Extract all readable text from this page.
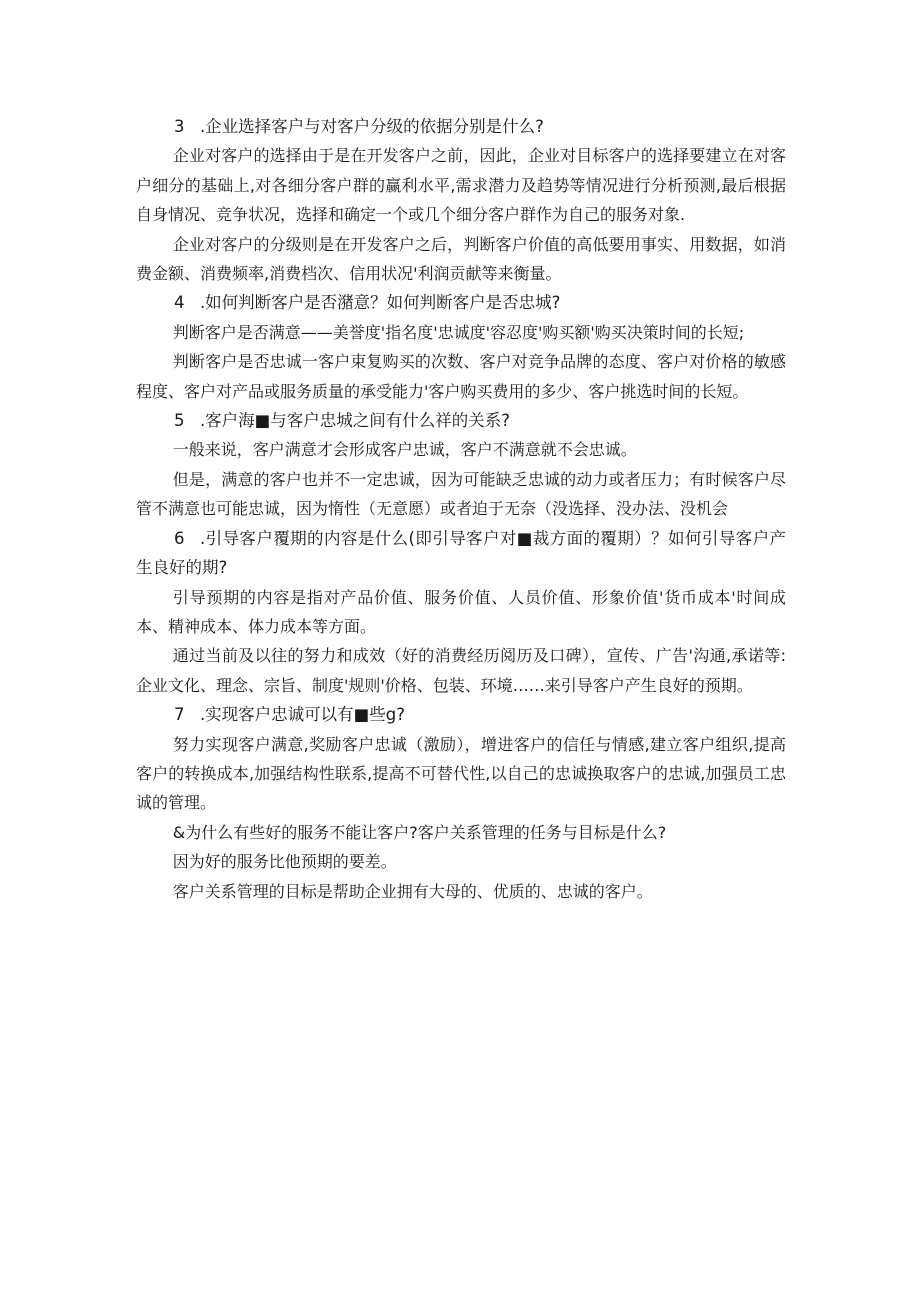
3 .企业选择客户与对客户分级的依据分别是什么?

企业对客户的选择由于是在开发客户之前，因此，企业对目标客户的选择要建立在对客户细分的基础上,对各细分客户群的赢利水平,需求潜力及趋势等情况进行分析预测,最后根据自身情况、竞争状况，选择和确定一个或几个细分客户群作为自己的服务对象.

企业对客户的分级则是在开发客户之后，判断客户价值的高低要用事实、用数据，如消费金额、消费频率,消费档次、信用状况'利润贡献等来衡量。

4 .如何判断客户是否潴意？如何判断客户是否忠城?

判断客户是否满意——美誉度'指名度'忠诚度'容忍度'购买额'购买决策时间的长短;

判断客户是否忠诚一客户束复购买的次数、客户对竞争品牌的态度、客户对价格的敏感程度、客户对产品或服务质量的承受能力'客户购买费用的多少、客户挑选时间的长短。

5 .客户海■与客户忠城之间有什么祥的关系?

一般来说，客户满意才会形成客户忠诚，客户不满意就不会忠诚。

但是，满意的客户也并不一定忠诚，因为可能缺乏忠诚的动力或者压力；有时候客户尽管不满意也可能忠诚，因为惰性（无意愿）或者迫于无奈（没选择、没办法、没机会

6 .引导客户覆期的内容是什么(即引导客户对■裁方面的覆期）？如何引导客户产生良好的期?

引导预期的内容是指对产品价值、服务价值、人员价值、形象价值'货币成本'时间成本、精神成本、体力成本等方面。

通过当前及以往的努力和成效（好的消费经历阅历及口碑），宣传、广告'沟通,承诺等:企业文化、理念、宗旨、制度'规则'价格、包装、环境……来引导客户产生良好的预期。

7 .实现客户忠诚可以有■些g?

努力实现客户满意,奖励客户忠诚（激励），增进客户的信任与情感,建立客户组织,提高客户的转换成本,加强结构性联系,提高不可替代性,以自己的忠诚换取客户的忠诚,加强员工忠诚的管理。

&为什么有些好的服务不能让客户?客户关系管理的任务与目标是什么?

因为好的服务比他预期的要差。

客户关系管理的目标是帮助企业拥有大母的、优质的、忠诚的客户。
